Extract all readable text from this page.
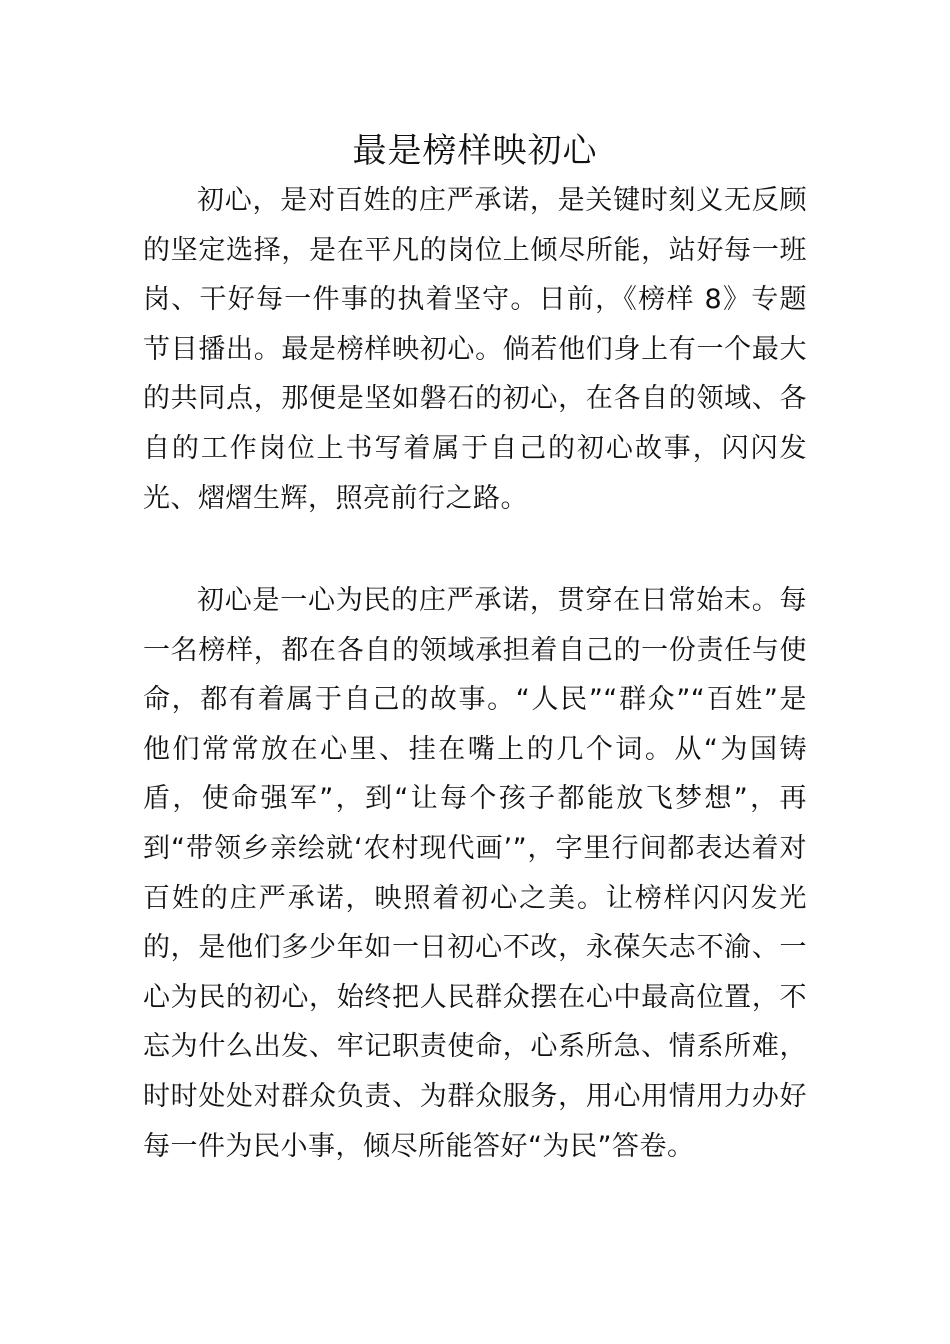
最是榜样映初心

初心，是对百姓的庄严承诺，是关键时刻义无反顾的坚定选择，是在平凡的岗位上倾尽所能，站好每一班岗、干好每一件事的执着坚守。日前，《榜样 8》专题节目播出。最是榜样映初心。倘若他们身上有一个最大的共同点，那便是坚如磐石的初心，在各自的领域、各自的工作岗位上书写着属于自己的初心故事，闪闪发光、熠熠生辉，照亮前行之路。

初心是一心为民的庄严承诺，贯穿在日常始末。每一名榜样，都在各自的领域承担着自己的一份责任与使命，都有着属于自己的故事。“人民”“群众”“百姓”是他们常常放在心里、挂在嘴上的几个词。从“为国铸盾，使命强军”，到“让每个孩子都能放飞梦想”，再到“带领乡亲绘就‘农村现代画’”，字里行间都表达着对百姓的庄严承诺，映照着初心之美。让榜样闪闪发光的，是他们多少年如一日初心不改，永葆矢志不渝、一心为民的初心，始终把人民群众摆在心中最高位置，不忘为什么出发、牢记职责使命，心系所急、情系所难，时时处处对群众负责、为群众服务，用心用情用力办好每一件为民小事，倾尽所能答好“为民”答卷。
